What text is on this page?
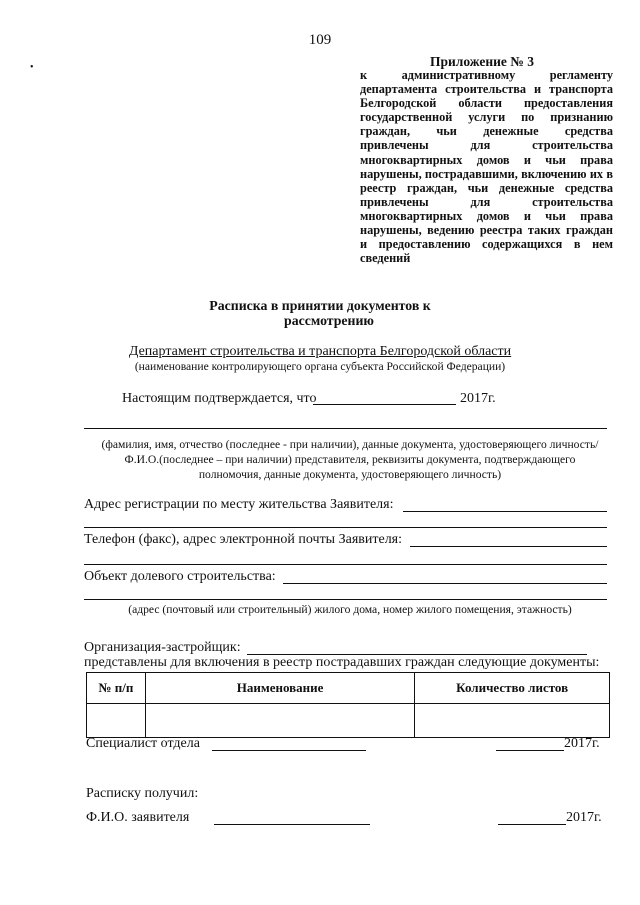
109
•	Приложение № 3
к административному регламенту департамента строительства и транспорта Белгородской области предоставления государственной услуги по признанию граждан, чьи денежные средства привлечены для строительства многоквартирных домов и чьи права нарушены, пострадавшими, включению их в реестр граждан, чьи денежные средства привлечены для строительства многоквартирных домов и чьи права нарушены, ведению реестра таких граждан и предоставлению содержащихся в нем сведений
Расписка в принятии документов к
рассмотрению
Департамент строительства и транспорта Белгородской области
(наименование контролирующего органа субъекта Российской Федерации)
Настоящим подтверждается, что	2017г.
(фамилия, имя, отчество (последнее - при наличии), данные документа, удостоверяющего личность/
Ф.И.О.(последнее – при наличии) представителя, реквизиты документа, подтверждающего
полномочия, данные документа, удостоверяющего личность)
Адрес регистрации по месту жительства Заявителя:
Телефон (факс), адрес электронной почты Заявителя:
Объект долевого строительства:
(адрес (почтовый или строительный) жилого дома, номер жилого помещения, этажность)
Организация-застройщик:
представлены для включения в реестр пострадавших граждан следующие документы:
№ п/п	Наименование	Количество листов

Специалист отдела	2017г.
Расписку получил:
Ф.И.О. заявителя	2017г.
